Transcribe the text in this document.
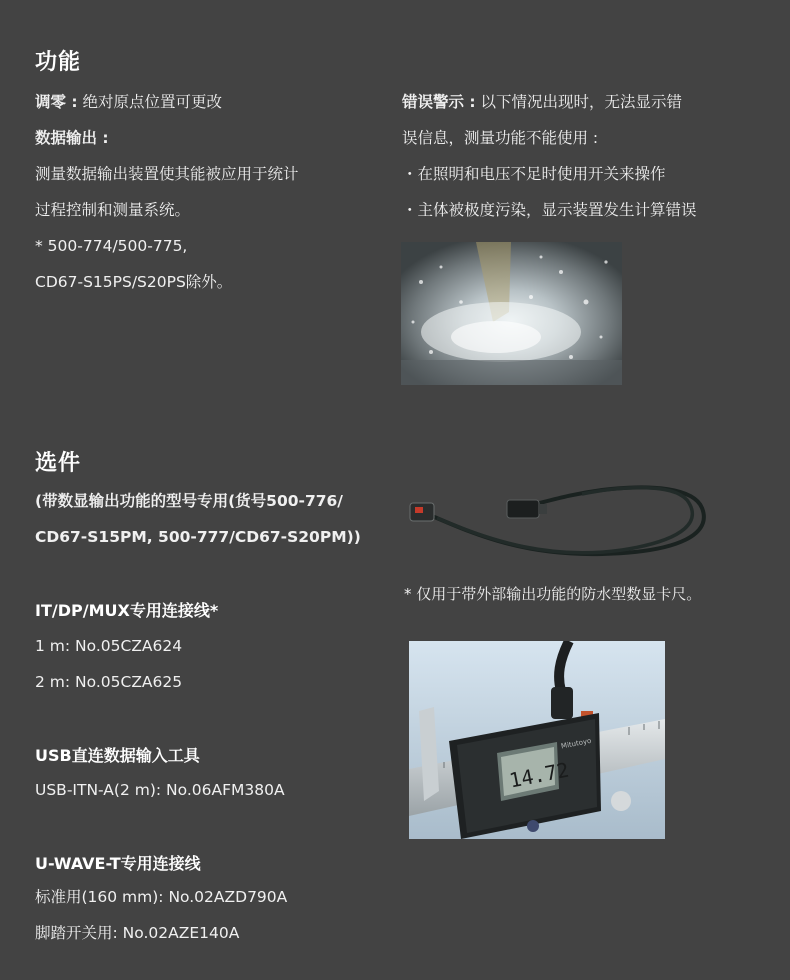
功能
调零 : 绝对原点位置可更改
数据输出 :
测量数据输出装置使其能被应用于统计
过程控制和测量系统。
* 500-774/500-775,
CD67-S15PS/S20PS除外。
错误警示 : 以下情况出现时，无法显示错
误信息，测量功能不能使用 :
・在照明和电压不足时使用开关来操作
・主体被极度污染，显示装置发生计算错误
选件
(带数显输出功能的型号专用(货号500-776/
CD67-S15PM, 500-777/CD67-S20PM))
* 仅用于带外部输出功能的防水型数显卡尺。
IT/DP/MUX专用连接线*
1 m: No.05CZA624
2 m: No.05CZA625
14.72
Mitutoyo
USB直连数据输入工具
USB-ITN-A(2 m): No.06AFM380A
U-WAVE-T专用连接线
标准用(160 mm): No.02AZD790A
脚踏开关用: No.02AZE140A
